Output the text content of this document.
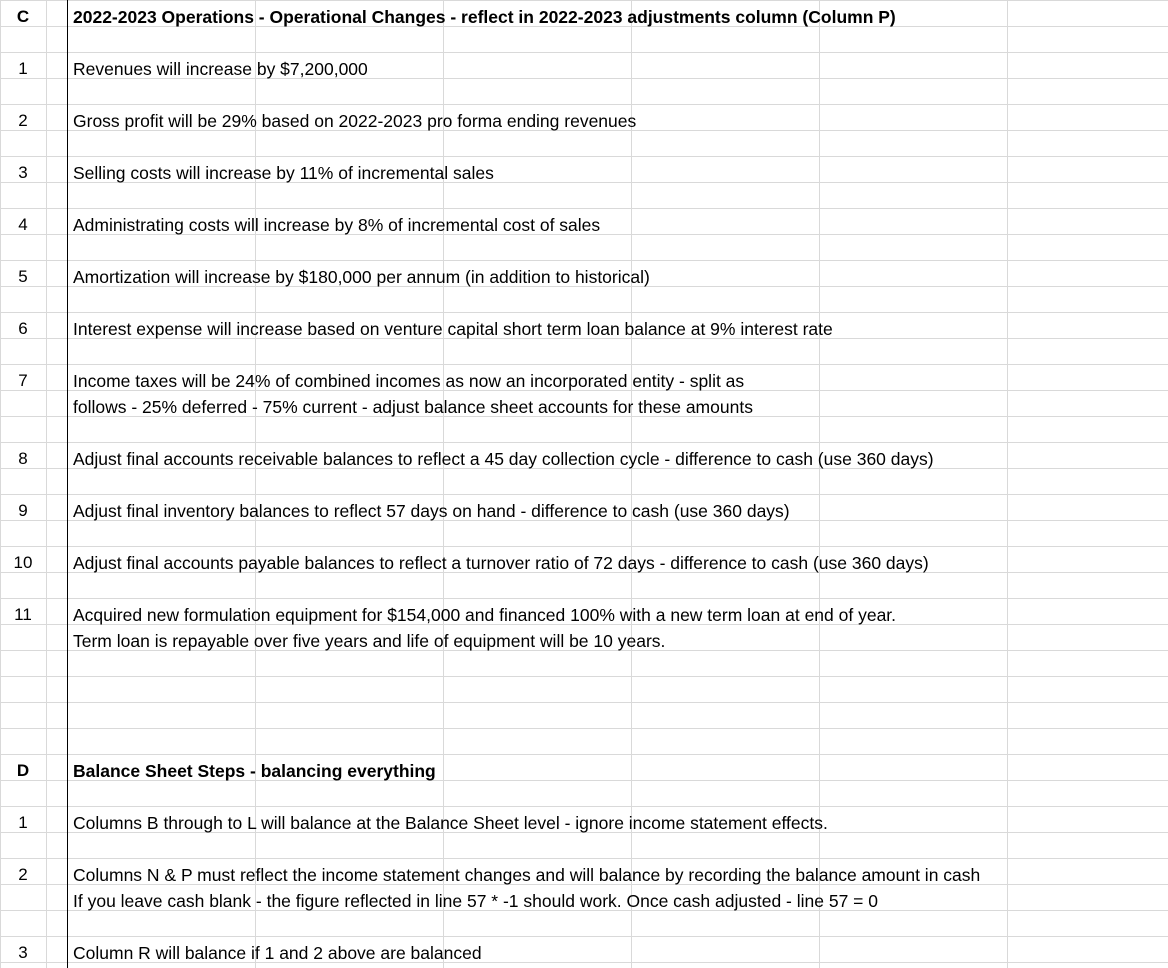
C	2022-2023 Operations - Operational Changes - reflect in 2022-2023 adjustments column (Column P)
1	Revenues will increase by $7,200,000
2	Gross profit will be 29% based on 2022-2023 pro forma ending revenues
3	Selling costs will increase by 11% of incremental sales
4	Administrating costs will increase by 8% of incremental cost of sales
5	Amortization will increase by $180,000 per annum (in addition to historical)
6	Interest expense will increase based on venture capital short term loan balance at 9% interest rate
7	Income taxes will be 24% of combined incomes as now an incorporated entity - split as
follows - 25% deferred - 75% current - adjust balance sheet accounts for these amounts
8	Adjust final accounts receivable balances to reflect a 45 day collection cycle - difference to cash (use 360 days)
9	Adjust final inventory balances to reflect 57 days on hand - difference to cash (use 360 days)
10	Adjust final accounts payable balances to reflect a turnover ratio of 72 days - difference to cash (use 360 days)
11	Acquired new formulation equipment for $154,000 and financed 100% with a new term loan at end of year.
Term loan is repayable over five years and life of equipment will be 10 years.
D	Balance Sheet Steps - balancing everything
1	Columns B through to L will balance at the Balance Sheet level - ignore income statement effects.
2	Columns N & P must reflect the income statement changes and will balance by recording the balance amount in cash
If you leave cash blank - the figure reflected in line 57 * -1 should work. Once cash adjusted - line 57 = 0
3	Column R will balance if 1 and 2 above are balanced
